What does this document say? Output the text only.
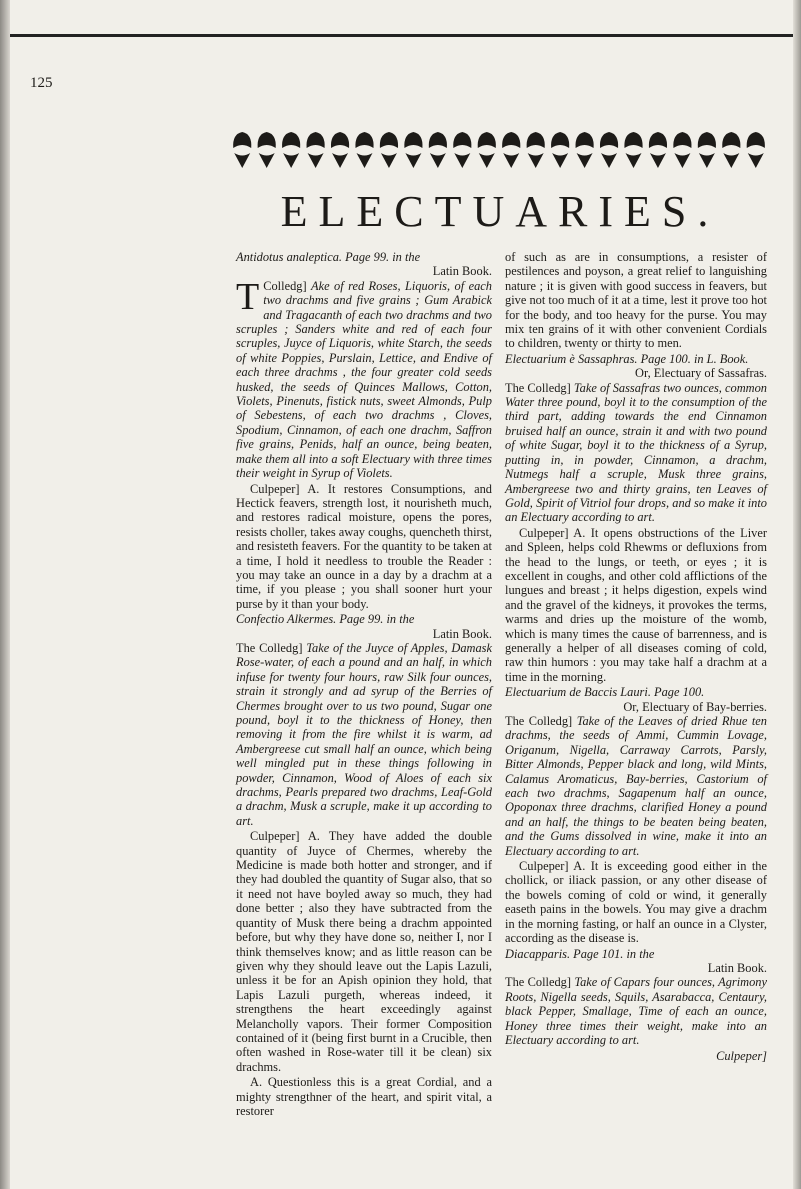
125
ELECTUARIES.

Antidotus analeptica. Page 99. in the

Latin Book.

Colledg]
T	Ake of red Roses, Liquoris, of each two drachms and five grains ; Gum Arabick and Tragacanth of each two drachms and two scruples ; Sanders white and red of each four scruples, Juyce of Liquoris, white Starch, the seeds of white Poppies, Purslain, Lettice, and Endive of each three drachms , the four greater cold seeds husked, the seeds of Quinces Mallows, Cotton, Violets, Pinenuts, fistick nuts, sweet Almonds, Pulp of Sebestens, of each two drachms , Cloves, Spodium, Cinnamon, of each one drachm, Saffron five grains, Penids, half an ounce, being beaten, make them all into a soft Electuary with three times their weight in Syrup of Violets.

Culpeper] A. It restores Consumptions, and Hectick feavers, strength lost, it nourisheth much, and restores radical moisture, opens the pores, resists choller, takes away coughs, quencheth thirst, and resisteth feavers. For the quantity to be taken at a time, I hold it needless to trouble the Reader : you may take an ounce in a day by a drachm at a time, if you please ; you shall sooner hurt your purse by it than your body.

Confectio Alkermes. Page 99. in the

Latin Book.

The Colledg] Take of the Juyce of Apples, Damask Rose-water, of each a pound and an half, in which infuse for twenty four hours, raw Silk four ounces, strain it strongly and ad syrup of the Berries of Chermes brought over to us two pound, Sugar one pound, boyl it to the thickness of Honey, then removing it from the fire whilst it is warm, ad Ambergreese cut small half an ounce, which being well mingled put in these things following in powder, Cinnamon, Wood of Aloes of each six drachms, Pearls prepared two drachms, Leaf-Gold a drachm, Musk a scruple, make it up according to art.

Culpeper] A. They have added the double quantity of Juyce of Chermes, whereby the Medicine is made both hotter and stronger, and if they had doubled the quantity of Sugar also, that so it need not have boyled away so much, they had done better ; also they have subtracted from the quantity of Musk there being a drachm appointed before, but why they have done so, neither I, nor I think themselves know; and as little reason can be given why they should leave out the Lapis Lazuli, unless it be for an Apish opinion they hold, that Lapis Lazuli purgeth, whereas indeed, it strengthens the heart exceedingly against Melancholly vapors. Their former Composition contained of it (being first burnt in a Crucible, then often washed in Rose-water till it be clean) six drachms.

A. Questionless this is a great Cordial, and a mighty strengthner of the heart, and spirit vital, a restorer

of such as are in consumptions, a resister of pestilences and poyson, a great relief to languishing nature ; it is given with good success in feavers, but give not too much of it at a time, lest it prove too hot for the body, and too heavy for the purse. You may mix ten grains of it with other convenient Cordials to children, twenty or thirty to men.

Electuarium è Sassaphras. Page 100. in L. Book.

Or, Electuary of Sassafras.

The Colledg] Take of Sassafras two ounces, common Water three pound, boyl it to the consumption of the third part, adding towards the end Cinnamon bruised half an ounce, strain it and with two pound of white Sugar, boyl it to the thickness of a Syrup, putting in, in powder, Cinnamon, a drachm, Nutmegs half a scruple, Musk three grains, Ambergreese two and thirty grains, ten Leaves of Gold, Spirit of Vitriol four drops, and so make it into an Electuary according to art.

Culpeper] A. It opens obstructions of the Liver and Spleen, helps cold Rhewms or defluxions from the head to the lungs, or teeth, or eyes ; it is excellent in coughs, and other cold afflictions of the lungues and breast ; it helps digestion, expels wind and the gravel of the kidneys, it provokes the terms, warms and dries up the moisture of the womb, which is many times the cause of barrenness, and is generally a helper of all diseases coming of cold, raw thin humors : you may take half a drachm at a time in the morning.

Electuarium de Baccis Lauri. Page 100.

Or, Electuary of Bay-berries.

The Colledg] Take of the Leaves of dried Rhue ten drachms, the seeds of Ammi, Cummin Lovage, Origanum, Nigella, Carraway Carrots, Parsly, Bitter Almonds, Pepper black and long, wild Mints, Calamus Aromaticus, Bay-berries, Castorium of each two drachms, Sagapenum half an ounce, Opoponax three drachms, clarified Honey a pound and an half, the things to be beaten being beaten, and the Gums dissolved in wine, make it into an Electuary according to art.

Culpeper] A. It is exceeding good either in the chollick, or iliack passion, or any other disease of the bowels coming of cold or wind, it generally easeth pains in the bowels. You may give a drachm in the morning fasting, or half an ounce in a Clyster, according as the disease is.

Diacapparis. Page 101. in the

Latin Book.

The Colledg] Take of Capars four ounces, Agrimony Roots, Nigella seeds, Squils, Asarabacca, Centaury, black Pepper, Smallage, Time of each an ounce, Honey three times their weight, make into an Electuary according to art.

Culpeper]
